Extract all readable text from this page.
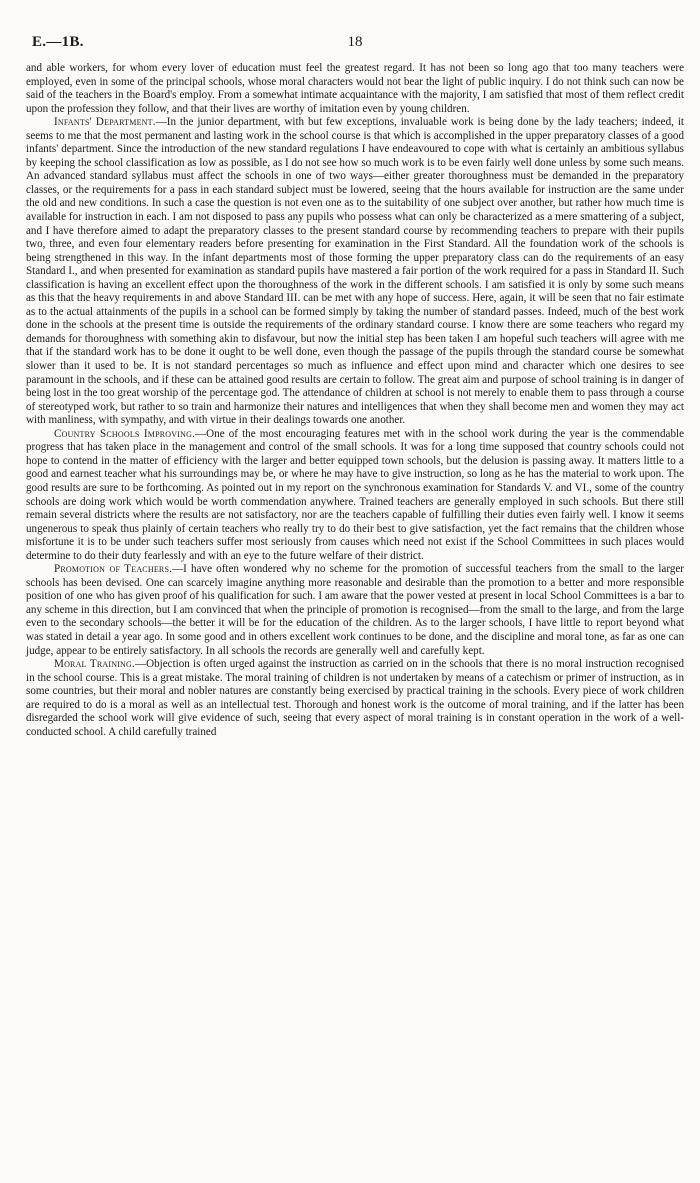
E.—1B.	18

and able workers, for whom every lover of education must feel the greatest regard. It has not been so long ago that too many teachers were employed, even in some of the principal schools, whose moral characters would not bear the light of public inquiry. I do not think such can now be said of the teachers in the Board's employ. From a somewhat intimate acquaintance with the majority, I am satisfied that most of them reflect credit upon the profession they follow, and that their lives are worthy of imitation even by young children.

Infants' Department.—In the junior department, with but few exceptions, invaluable work is being done by the lady teachers; indeed, it seems to me that the most permanent and lasting work in the school course is that which is accomplished in the upper preparatory classes of a good infants' department. Since the introduction of the new standard regulations I have endeavoured to cope with what is certainly an ambitious syllabus by keeping the school classification as low as possible, as I do not see how so much work is to be even fairly well done unless by some such means. An advanced standard syllabus must affect the schools in one of two ways—either greater thoroughness must be demanded in the preparatory classes, or the requirements for a pass in each standard subject must be lowered, seeing that the hours available for instruction are the same under the old and new conditions. In such a case the question is not even one as to the suitability of one subject over another, but rather how much time is available for instruction in each. I am not disposed to pass any pupils who possess what can only be characterized as a mere smattering of a subject, and I have therefore aimed to adapt the preparatory classes to the present standard course by recommending teachers to prepare with their pupils two, three, and even four elementary readers before presenting for examination in the First Standard. All the foundation work of the schools is being strengthened in this way. In the infant departments most of those forming the upper preparatory class can do the requirements of an easy Standard I., and when presented for examination as standard pupils have mastered a fair portion of the work required for a pass in Standard II. Such classification is having an excellent effect upon the thoroughness of the work in the different schools. I am satisfied it is only by some such means as this that the heavy requirements in and above Standard III. can be met with any hope of success. Here, again, it will be seen that no fair estimate as to the actual attainments of the pupils in a school can be formed simply by taking the number of standard passes. Indeed, much of the best work done in the schools at the present time is outside the requirements of the ordinary standard course. I know there are some teachers who regard my demands for thoroughness with something akin to disfavour, but now the initial step has been taken I am hopeful such teachers will agree with me that if the standard work has to be done it ought to be well done, even though the passage of the pupils through the standard course be somewhat slower than it used to be. It is not standard percentages so much as influence and effect upon mind and character which one desires to see paramount in the schools, and if these can be attained good results are certain to follow. The great aim and purpose of school training is in danger of being lost in the too great worship of the percentage god. The attendance of children at school is not merely to enable them to pass through a course of stereotyped work, but rather to so train and harmonize their natures and intelligences that when they shall become men and women they may act with manliness, with sympathy, and with virtue in their dealings towards one another.

Country Schools Improving.—One of the most encouraging features met with in the school work during the year is the commendable progress that has taken place in the management and control of the small schools. It was for a long time supposed that country schools could not hope to contend in the matter of efficiency with the larger and better equipped town schools, but the delusion is passing away. It matters little to a good and earnest teacher what his surroundings may be, or where he may have to give instruction, so long as he has the material to work upon. The good results are sure to be forthcoming. As pointed out in my report on the synchronous examination for Standards V. and VI., some of the country schools are doing work which would be worth commendation anywhere. Trained teachers are generally employed in such schools. But there still remain several districts where the results are not satisfactory, nor are the teachers capable of fulfilling their duties even fairly well. I know it seems ungenerous to speak thus plainly of certain teachers who really try to do their best to give satisfaction, yet the fact remains that the children whose misfortune it is to be under such teachers suffer most seriously from causes which need not exist if the School Committees in such places would determine to do their duty fearlessly and with an eye to the future welfare of their district.

Promotion of Teachers.—I have often wondered why no scheme for the promotion of successful teachers from the small to the larger schools has been devised. One can scarcely imagine anything more reasonable and desirable than the promotion to a better and more responsible position of one who has given proof of his qualification for such. I am aware that the power vested at present in local School Committees is a bar to any scheme in this direction, but I am convinced that when the principle of promotion is recognised—from the small to the large, and from the large even to the secondary schools—the better it will be for the education of the children. As to the larger schools, I have little to report beyond what was stated in detail a year ago. In some good and in others excellent work continues to be done, and the discipline and moral tone, as far as one can judge, appear to be entirely satisfactory. In all schools the records are generally well and carefully kept.

Moral Training.—Objection is often urged against the instruction as carried on in the schools that there is no moral instruction recognised in the school course. This is a great mistake. The moral training of children is not undertaken by means of a catechism or primer of instruction, as in some countries, but their moral and nobler natures are constantly being exercised by practical training in the schools. Every piece of work children are required to do is a moral as well as an intellectual test. Thorough and honest work is the outcome of moral training, and if the latter has been disregarded the school work will give evidence of such, seeing that every aspect of moral training is in constant operation in the work of a well-conducted school. A child carefully trained
